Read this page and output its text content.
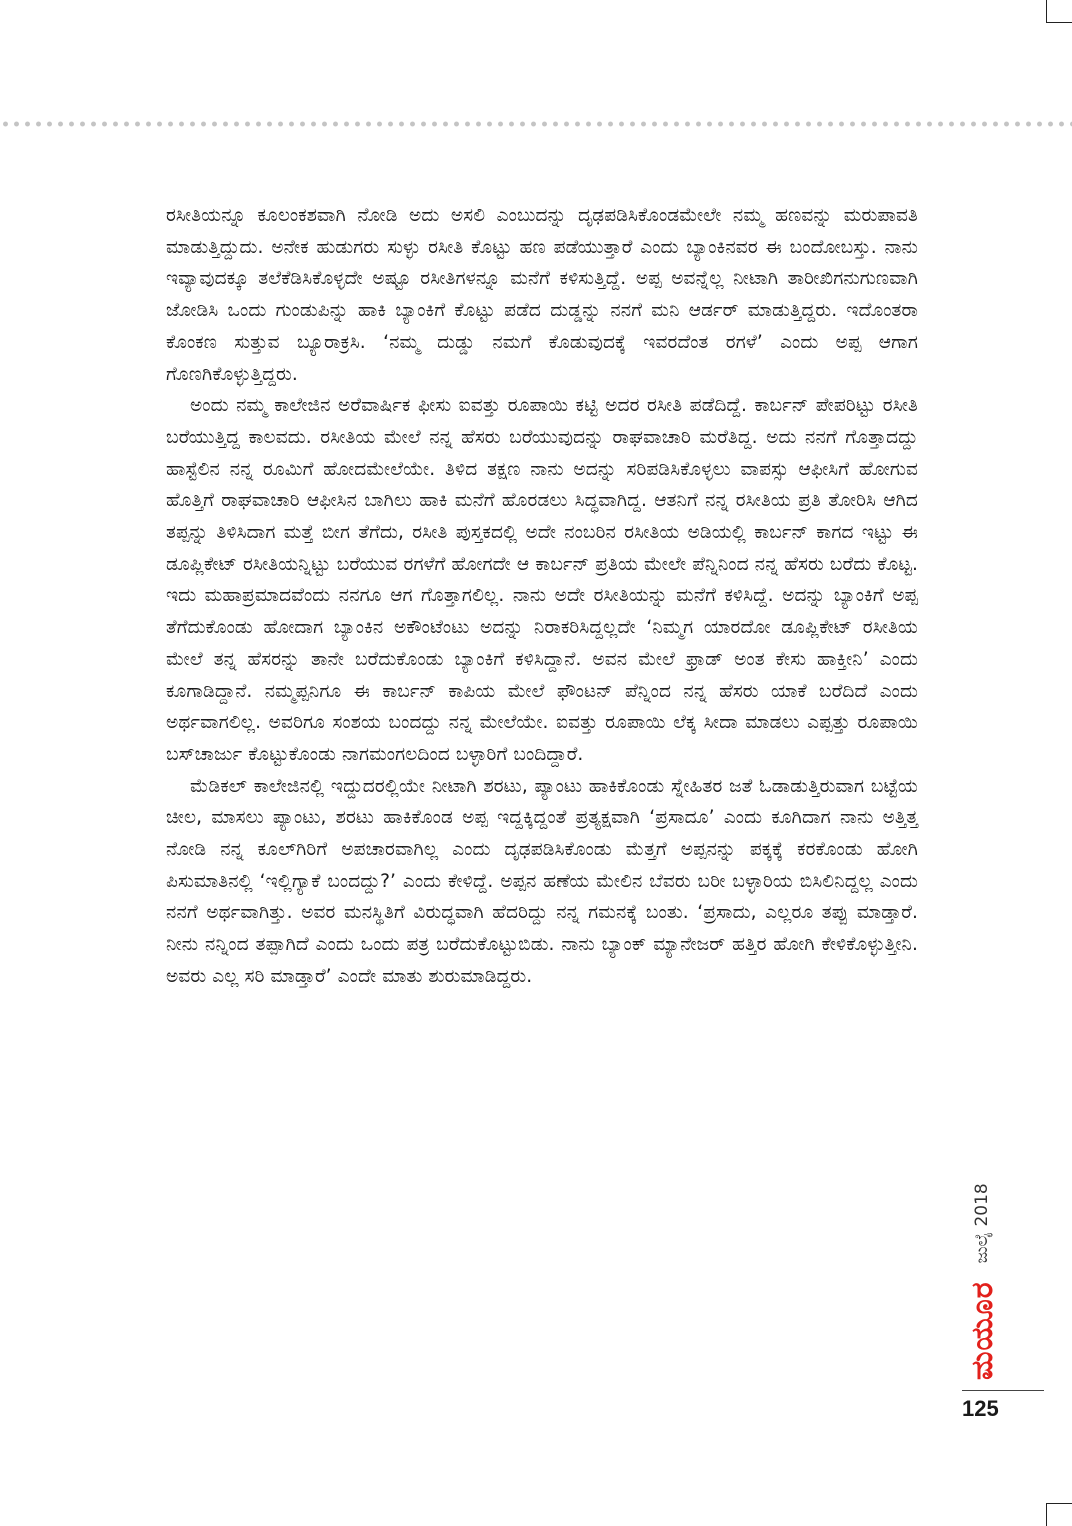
ರಸೀತಿಯನ್ನೂ ಕೂಲಂಕಶವಾಗಿ ನೋಡಿ ಅದು ಅಸಲಿ ಎಂಬುದನ್ನು ದೃಢಪಡಿಸಿಕೊಂಡಮೇಲೇ ನಮ್ಮ ಹಣವನ್ನು ಮರುಪಾವತಿ ಮಾಡುತ್ತಿದ್ದುದು. ಅನೇಕ ಹುಡುಗರು ಸುಳ್ಳು ರಸೀತಿ ಕೊಟ್ಟು ಹಣ ಪಡೆಯುತ್ತಾರೆ ಎಂದು ಬ್ಯಾಂಕಿನವರ ಈ ಬಂದೋಬಸ್ತು. ನಾನು ಇವ್ಯಾವುದಕ್ಕೂ ತಲೆಕೆಡಿಸಿಕೊಳ್ಳದೇ ಅಷ್ಟೂ ರಸೀತಿಗಳನ್ನೂ ಮನೆಗೆ ಕಳಿಸುತ್ತಿದ್ದೆ. ಅಪ್ಪ ಅವನ್ನೆಲ್ಲ ನೀಟಾಗಿ ತಾರೀಖಿಗನುಗುಣವಾಗಿ ಜೋಡಿಸಿ ಒಂದು ಗುಂಡುಪಿನ್ನು ಹಾಕಿ ಬ್ಯಾಂಕಿಗೆ ಕೊಟ್ಟು ಪಡೆದ ದುಡ್ಡನ್ನು ನನಗೆ ಮನಿ ಆರ್ಡರ್ ಮಾಡುತ್ತಿದ್ದರು. ಇದೊಂತರಾ ಕೊಂಕಣ ಸುತ್ತುವ ಬ್ಯೂರಾಕ್ರಸಿ. ‘ನಮ್ಮ ದುಡ್ಡು ನಮಗೆ ಕೊಡುವುದಕ್ಕೆ ಇವರದೆಂತ ರಗಳೆ’ ಎಂದು ಅಪ್ಪ ಆಗಾಗ ಗೊಣಗಿಕೊಳ್ಳುತ್ತಿದ್ದರು.

ಅಂದು ನಮ್ಮ ಕಾಲೇಜಿನ ಅರೆವಾರ್ಷಿಕ ಫೀಸು ಐವತ್ತು ರೂಪಾಯಿ ಕಟ್ಟಿ ಅದರ ರಸೀತಿ ಪಡೆದಿದ್ದೆ. ಕಾರ್ಬನ್ ಪೇಪರಿಟ್ಟು ರಸೀತಿ ಬರೆಯುತ್ತಿದ್ದ ಕಾಲವದು. ರಸೀತಿಯ ಮೇಲೆ ನನ್ನ ಹೆಸರು ಬರೆಯುವುದನ್ನು ರಾಘವಾಚಾರಿ ಮರೆತಿದ್ದ. ಅದು ನನಗೆ ಗೊತ್ತಾದದ್ದು ಹಾಸ್ಟೆಲಿನ ನನ್ನ ರೂಮಿಗೆ ಹೋದಮೇಲೆಯೇ. ತಿಳಿದ ತಕ್ಷಣ ನಾನು ಅದನ್ನು ಸರಿಪಡಿಸಿಕೊಳ್ಳಲು ವಾಪಸ್ಸು ಆಫೀಸಿಗೆ ಹೋಗುವ ಹೊತ್ತಿಗೆ ರಾಘವಾಚಾರಿ ಆಫೀಸಿನ ಬಾಗಿಲು ಹಾಕಿ ಮನೆಗೆ ಹೊರಡಲು ಸಿದ್ಧವಾಗಿದ್ದ. ಆತನಿಗೆ ನನ್ನ ರಸೀತಿಯ ಪ್ರತಿ ತೋರಿಸಿ ಆಗಿದ ತಪ್ಪನ್ನು ತಿಳಿಸಿದಾಗ ಮತ್ತೆ ಬೀಗ ತೆಗೆದು, ರಸೀತಿ ಪುಸ್ತಕದಲ್ಲಿ ಅದೇ ನಂಬರಿನ ರಸೀತಿಯ ಅಡಿಯಲ್ಲಿ ಕಾರ್ಬನ್ ಕಾಗದ ಇಟ್ಟು ಈ ಡೂಪ್ಲಿಕೇಟ್ ರಸೀತಿಯನ್ನಿಟ್ಟು ಬರೆಯುವ ರಗಳೆಗೆ ಹೋಗದೇ ಆ ಕಾರ್ಬನ್ ಪ್ರತಿಯ ಮೇಲೇ ಪೆನ್ನಿನಿಂದ ನನ್ನ ಹೆಸರು ಬರೆದು ಕೊಟ್ಟ. ಇದು ಮಹಾಪ್ರಮಾದವೆಂದು ನನಗೂ ಆಗ ಗೊತ್ತಾಗಲಿಲ್ಲ. ನಾನು ಅದೇ ರಸೀತಿಯನ್ನು ಮನೆಗೆ ಕಳಿಸಿದ್ದೆ. ಅದನ್ನು ಬ್ಯಾಂಕಿಗೆ ಅಪ್ಪ ತೆಗೆದುಕೊಂಡು ಹೋದಾಗ ಬ್ಯಾಂಕಿನ ಅಕೌಂಟೆಂಟು ಅದನ್ನು ನಿರಾಕರಿಸಿದ್ದಲ್ಲದೇ ‘ನಿಮ್ಮಗ ಯಾರದೋ ಡೂಪ್ಲಿಕೇಟ್ ರಸೀತಿಯ ಮೇಲೆ ತನ್ನ ಹೆಸರನ್ನು ತಾನೇ ಬರೆದುಕೊಂಡು ಬ್ಯಾಂಕಿಗೆ ಕಳಿಸಿದ್ದಾನೆ. ಅವನ ಮೇಲೆ ಫ್ರಾಡ್ ಅಂತ ಕೇಸು ಹಾಕ್ತೀನಿ’ ಎಂದು ಕೂಗಾಡಿದ್ದಾನೆ. ನಮ್ಮಪ್ಪನಿಗೂ ಈ ಕಾರ್ಬನ್ ಕಾಪಿಯ ಮೇಲೆ ಫೌಂಟನ್ ಪೆನ್ನಿಂದ ನನ್ನ ಹೆಸರು ಯಾಕೆ ಬರೆದಿದೆ ಎಂದು ಅರ್ಥವಾಗಲಿಲ್ಲ. ಅವರಿಗೂ ಸಂಶಯ ಬಂದದ್ದು ನನ್ನ ಮೇಲೆಯೇ. ಐವತ್ತು ರೂಪಾಯಿ ಲೆಕ್ಕ ಸೀದಾ ಮಾಡಲು ಎಪ್ಪತ್ತು ರೂಪಾಯಿ ಬಸ್‌ಚಾರ್ಜು ಕೊಟ್ಟುಕೊಂಡು ನಾಗಮಂಗಲದಿಂದ ಬಳ್ಳಾರಿಗೆ ಬಂದಿದ್ದಾರೆ.

ಮೆಡಿಕಲ್ ಕಾಲೇಜಿನಲ್ಲಿ ಇದ್ದುದರಲ್ಲಿಯೇ ನೀಟಾಗಿ ಶರಟು, ಪ್ಯಾಂಟು ಹಾಕಿಕೊಂಡು ಸ್ನೇಹಿತರ ಜತೆ ಓಡಾಡುತ್ತಿರುವಾಗ ಬಟ್ಟೆಯ ಚೀಲ, ಮಾಸಲು ಪ್ಯಾಂಟು, ಶರಟು ಹಾಕಿಕೊಂಡ ಅಪ್ಪ ಇದ್ದಕ್ಕಿದ್ದಂತೆ ಪ್ರತ್ಯಕ್ಷವಾಗಿ ‘ಪ್ರಸಾದೂ’ ಎಂದು ಕೂಗಿದಾಗ ನಾನು ಅತ್ತಿತ್ತ ನೋಡಿ ನನ್ನ ಕೂಲ್‌ಗಿರಿಗೆ ಅಪಚಾರವಾಗಿಲ್ಲ ಎಂದು ದೃಢಪಡಿಸಿಕೊಂಡು ಮೆತ್ತಗೆ ಅಪ್ಪನನ್ನು ಪಕ್ಕಕ್ಕೆ ಕರಕೊಂಡು ಹೋಗಿ ಪಿಸುಮಾತಿನಲ್ಲಿ ‘ಇಲ್ಲಿಗ್ಯಾಕೆ ಬಂದದ್ದು?’ ಎಂದು ಕೇಳಿದ್ದೆ. ಅಪ್ಪನ ಹಣೆಯ ಮೇಲಿನ ಬೆವರು ಬರೀ ಬಳ್ಳಾರಿಯ ಬಿಸಿಲಿನಿದ್ದಲ್ಲ ಎಂದು ನನಗೆ ಅರ್ಥವಾಗಿತ್ತು. ಅವರ ಮನಸ್ಥಿತಿಗೆ ವಿರುದ್ಧವಾಗಿ ಹೆದರಿದ್ದು ನನ್ನ ಗಮನಕ್ಕೆ ಬಂತು. ‘ಪ್ರಸಾದು, ಎಲ್ಲರೂ ತಪ್ಪು ಮಾಡ್ತಾರೆ. ನೀನು ನನ್ನಿಂದ ತಪ್ಪಾಗಿದೆ ಎಂದು ಒಂದು ಪತ್ರ ಬರೆದುಕೊಟ್ಟುಬಿಡು. ನಾನು ಬ್ಯಾಂಕ್ ಮ್ಯಾನೇಜರ್ ಹತ್ತಿರ ಹೋಗಿ ಕೇಳಿಕೊಳ್ಳುತ್ತೀನಿ. ಅವರು ಎಲ್ಲ ಸರಿ ಮಾಡ್ತಾರೆ’ ಎಂದೇ ಮಾತು ಶುರುಮಾಡಿದ್ದರು.

ಮಯೂರ
ಜುಲೈ 2018
125
